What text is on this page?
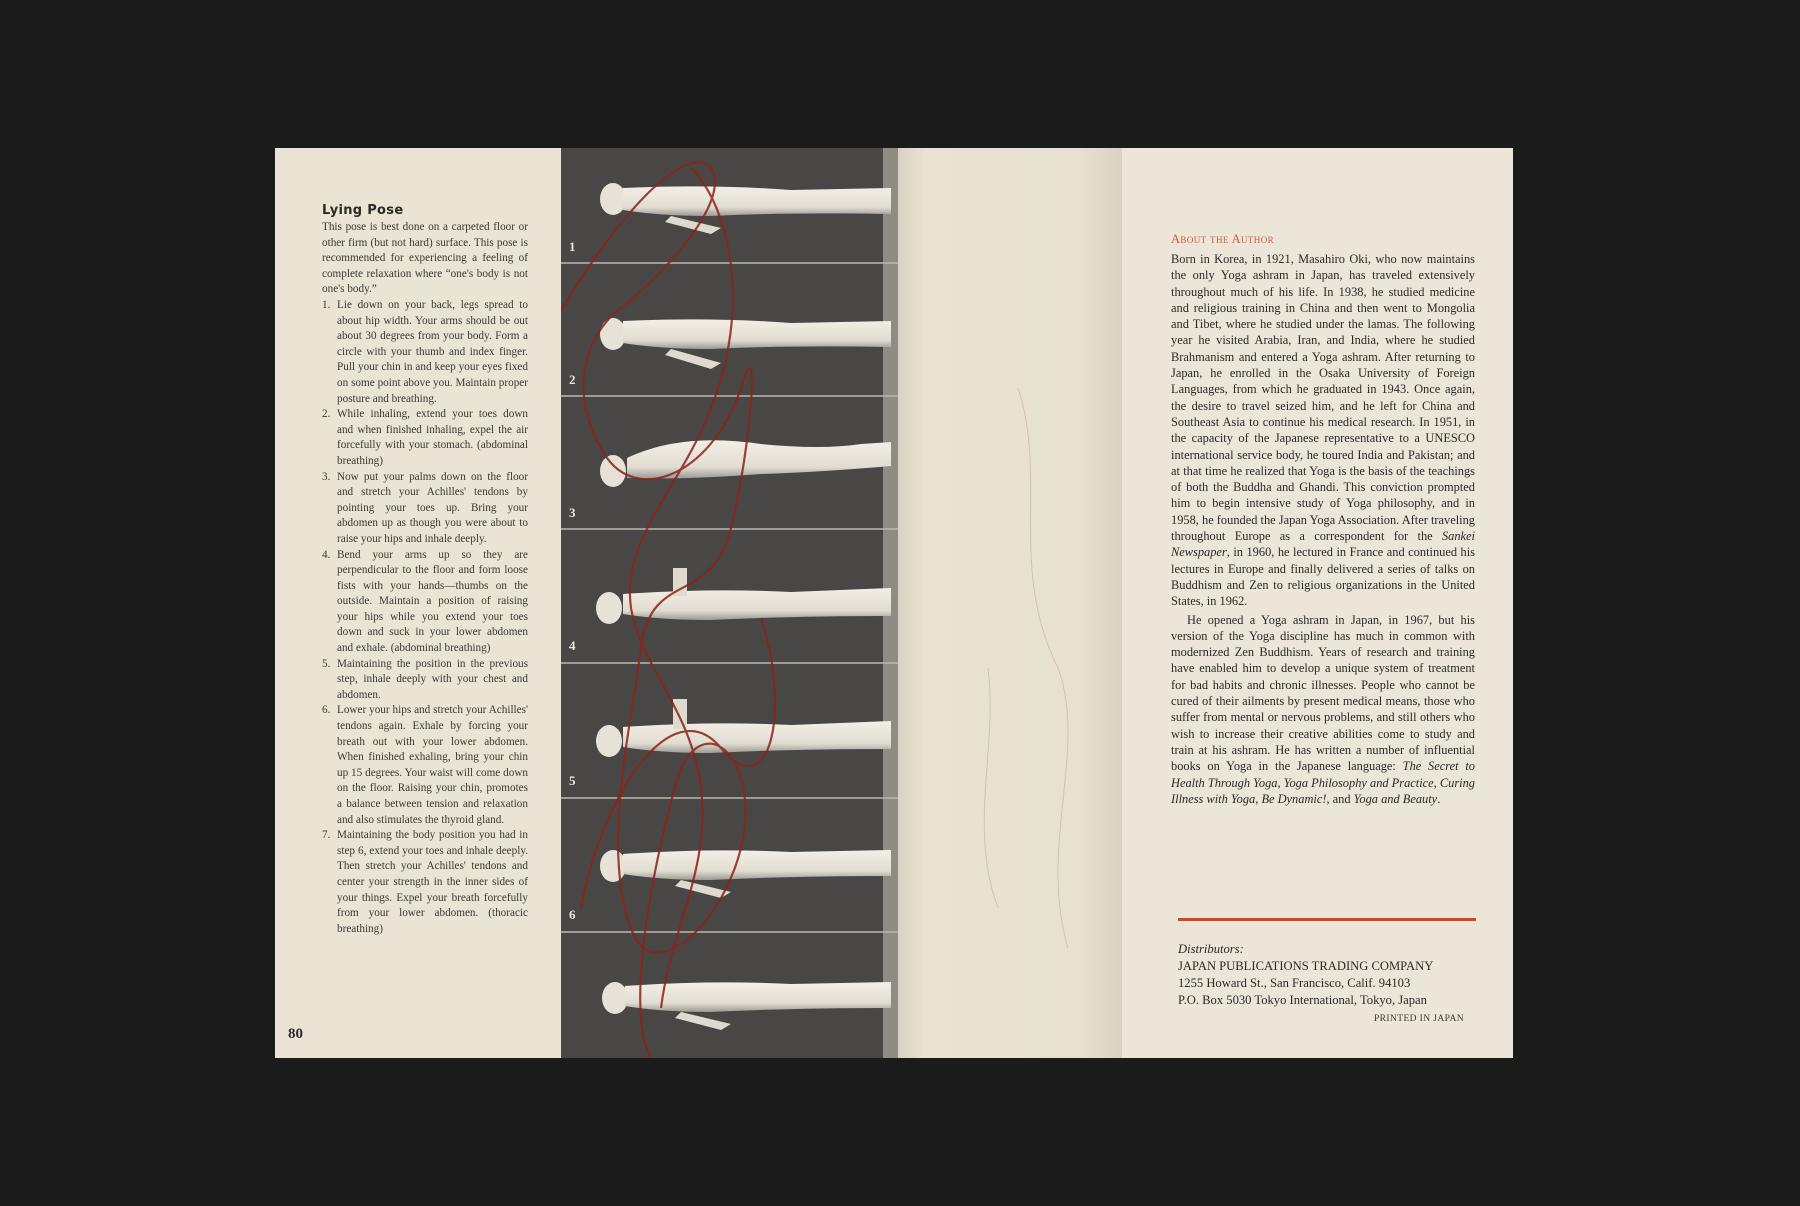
Lying Pose
This pose is best done on a carpeted floor or other firm (but not hard) surface. This pose is recommended for experiencing a feeling of complete relaxation where “one's body is not one's body.”
1. Lie down on your back, legs spread to about hip width. Your arms should be out about 30 degrees from your body. Form a circle with your thumb and index finger. Pull your chin in and keep your eyes fixed on some point above you. Maintain proper posture and breathing.
2. While inhaling, extend your toes down and when finished inhaling, expel the air forcefully with your stomach. (abdominal breathing)
3. Now put your palms down on the floor and stretch your Achilles' tendons by pointing your toes up. Bring your abdomen up as though you were about to raise your hips and inhale deeply.
4. Bend your arms up so they are perpendicular to the floor and form loose fists with your hands—thumbs on the outside. Maintain a position of raising your hips while you extend your toes down and suck in your lower abdomen and exhale. (abdominal breathing)
5. Maintaining the position in the previous step, inhale deeply with your chest and abdomen.
6. Lower your hips and stretch your Achilles' tendons again. Exhale by forcing your breath out with your lower abdomen. When finished exhaling, bring your chin up 15 degrees. Your waist will come down on the floor. Raising your chin, promotes a balance between tension and relaxation and also stimulates the thyroid gland.
7. Maintaining the body position you had in step 6, extend your toes and inhale deeply. Then stretch your Achilles' tendons and center your strength in the inner sides of your things. Expel your breath forcefully from your lower abdomen. (thoracic breathing)
80
1
2
3
4
5
6
About the Author

Born in Korea, in 1921, Masahiro Oki, who now maintains the only Yoga ashram in Japan, has traveled extensively throughout much of his life. In 1938, he studied medicine and religious training in China and then went to Mongolia and Tibet, where he studied under the lamas. The following year he visited Arabia, Iran, and India, where he studied Brahmanism and entered a Yoga ashram. After returning to Japan, he enrolled in the Osaka University of Foreign Languages, from which he graduated in 1943. Once again, the desire to travel seized him, and he left for China and Southeast Asia to continue his medical research. In 1951, in the capacity of the Japanese representative to a UNESCO international service body, he toured India and Pakistan; and at that time he realized that Yoga is the basis of the teachings of both the Buddha and Ghandi. This conviction prompted him to begin intensive study of Yoga philosophy, and in 1958, he founded the Japan Yoga Association. After traveling throughout Europe as a correspondent for the Sankei Newspaper, in 1960, he lectured in France and continued his lectures in Europe and finally delivered a series of talks on Buddhism and Zen to religious organizations in the United States, in 1962.

He opened a Yoga ashram in Japan, in 1967, but his version of the Yoga discipline has much in common with modernized Zen Buddhism. Years of research and training have enabled him to develop a unique system of treatment for bad habits and chronic illnesses. People who cannot be cured of their ailments by present medical means, those who suffer from mental or nervous problems, and still others who wish to increase their creative abilities come to study and train at his ashram. He has written a number of influential books on Yoga in the Japanese language: The Secret to Health Through Yoga, Yoga Philosophy and Practice, Curing Illness with Yoga, Be Dynamic!, and Yoga and Beauty.

Distributors:
JAPAN PUBLICATIONS TRADING COMPANY
1255 Howard St., San Francisco, Calif. 94103
P.O. Box 5030 Tokyo International, Tokyo, Japan
PRINTED IN JAPAN
